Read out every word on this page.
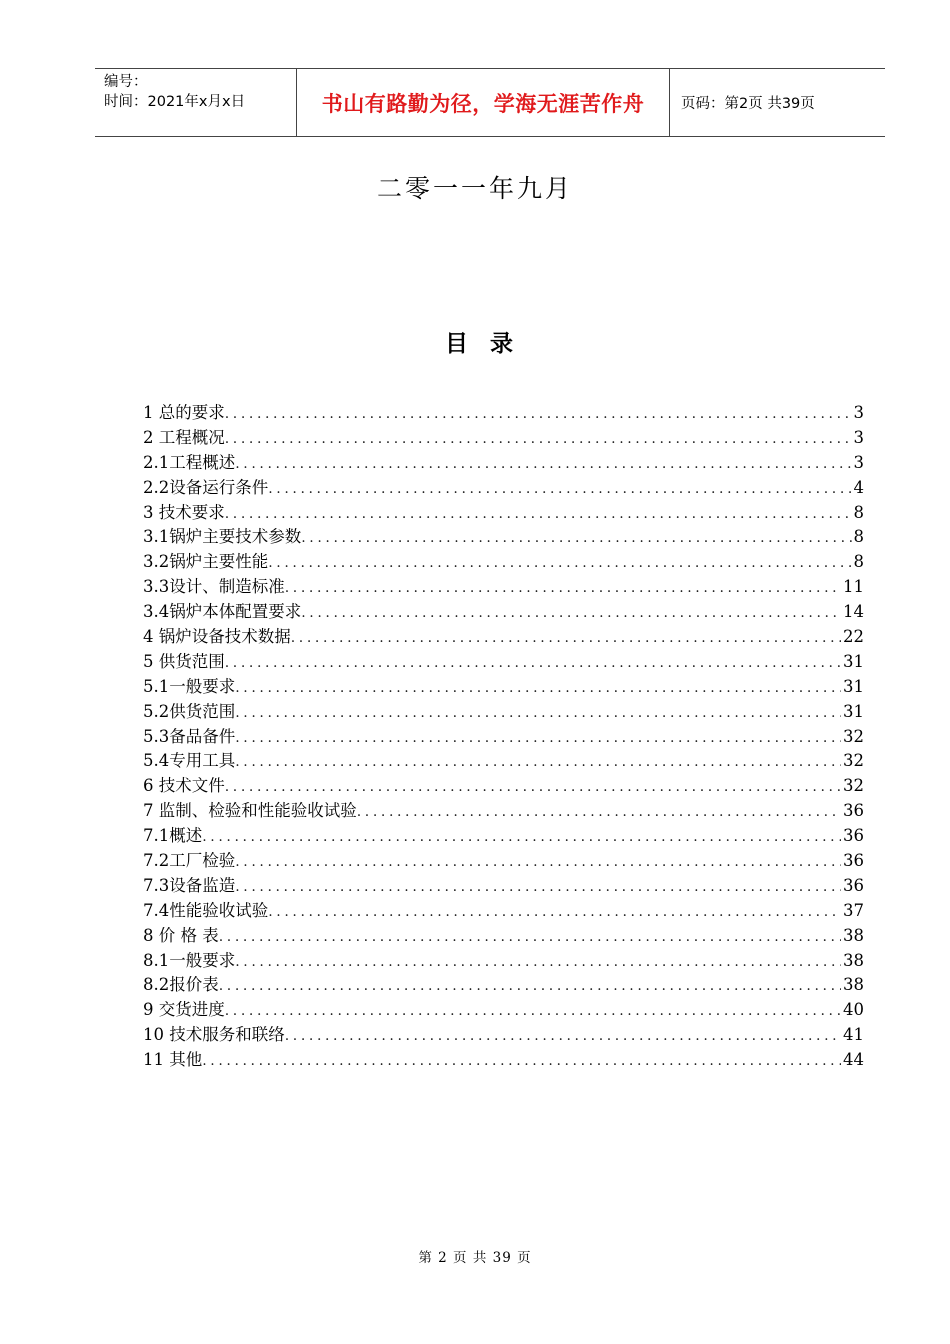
编号：
时间：2021年x月x日	书山有路勤为径，学海无涯苦作舟	页码：第2页 共39页
二零一一年九月
目录
1 总的要求 .....	3
2 工程概况 .....	3
2.1工程概述 .....	3
2.2设备运行条件 .....	4
3 技术要求 .....	8
3.1锅炉主要技术参数 .....	8
3.2锅炉主要性能 .....	8
3.3设计、制造标准 .....	11
3.4锅炉本体配置要求 .....	14
4 锅炉设备技术数据 .....	22
5 供货范围 .....	31
5.1一般要求 .....	31
5.2供货范围 .....	31
5.3备品备件 .....	32
5.4专用工具 .....	32
6 技术文件 .....	32
7 监制、检验和性能验收试验 .....	36
7.1概述 .....	36
7.2工厂检验 .....	36
7.3设备监造 .....	36
7.4性能验收试验 .....	37
8 价 格 表 .....	38
8.1一般要求 .....	38
8.2报价表 .....	38
9 交货进度 .....	40
10 技术服务和联络 .....	41
11 其他 .....	44
第 2 页 共 39 页
